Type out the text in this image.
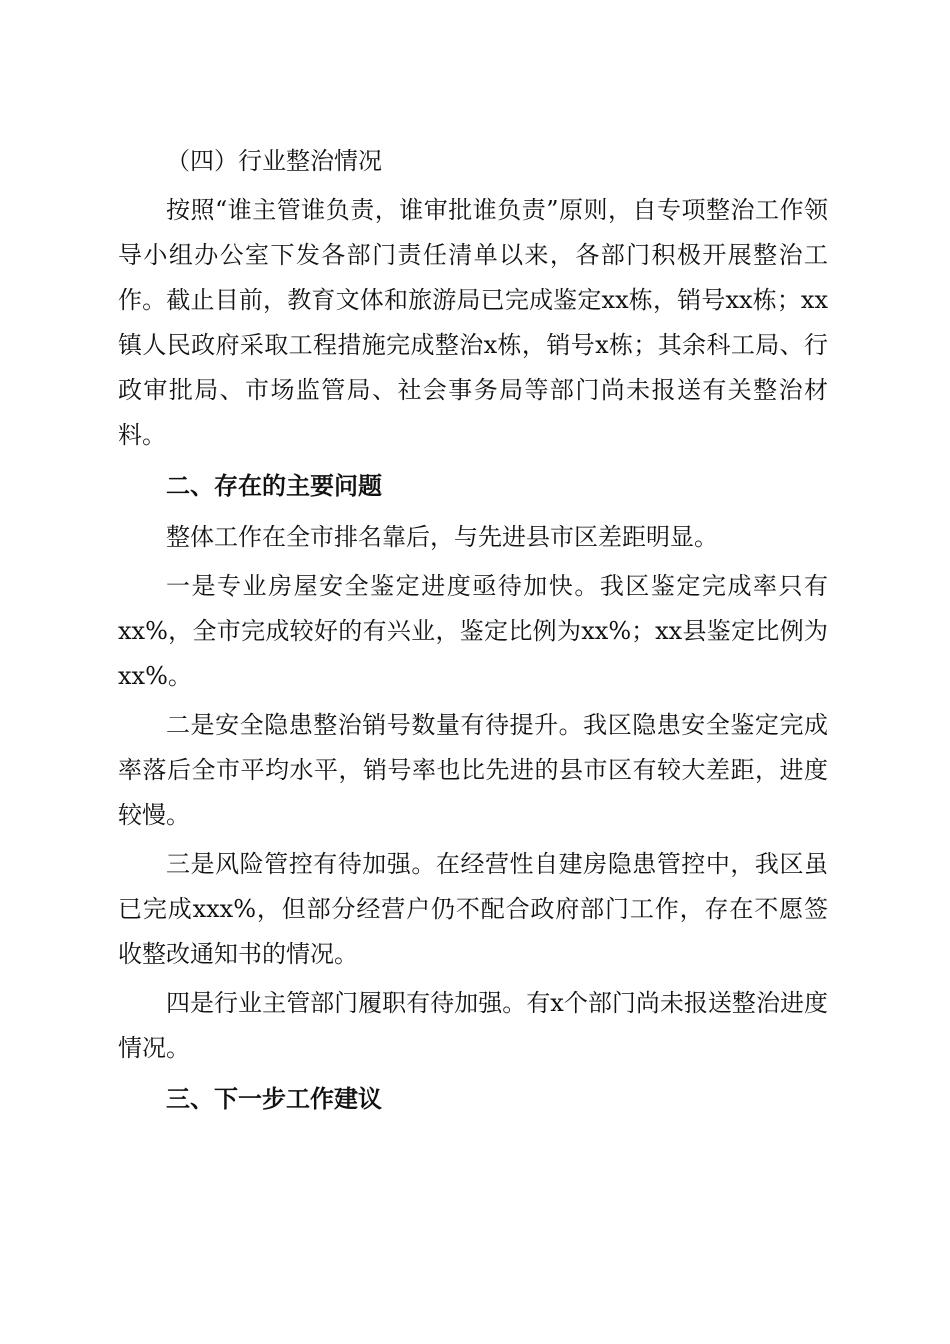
（四）行业整治情况

按照“谁主管谁负责，谁审批谁负责”原则，自专项整治工作领导小组办公室下发各部门责任清单以来，各部门积极开展整治工作。截止目前，教育文体和旅游局已完成鉴定xx栋，销号xx栋；xx镇人民政府采取工程措施完成整治x栋，销号x栋；其余科工局、行政审批局、市场监管局、社会事务局等部门尚未报送有关整治材料。

二、存在的主要问题

整体工作在全市排名靠后，与先进县市区差距明显。

一是专业房屋安全鉴定进度亟待加快。我区鉴定完成率只有xx%，全市完成较好的有兴业，鉴定比例为xx%；xx县鉴定比例为xx%。

二是安全隐患整治销号数量有待提升。我区隐患安全鉴定完成率落后全市平均水平，销号率也比先进的县市区有较大差距，进度较慢。

三是风险管控有待加强。在经营性自建房隐患管控中，我区虽已完成xxx%，但部分经营户仍不配合政府部门工作，存在不愿签收整改通知书的情况。

四是行业主管部门履职有待加强。有x个部门尚未报送整治进度情况。

三、下一步工作建议
